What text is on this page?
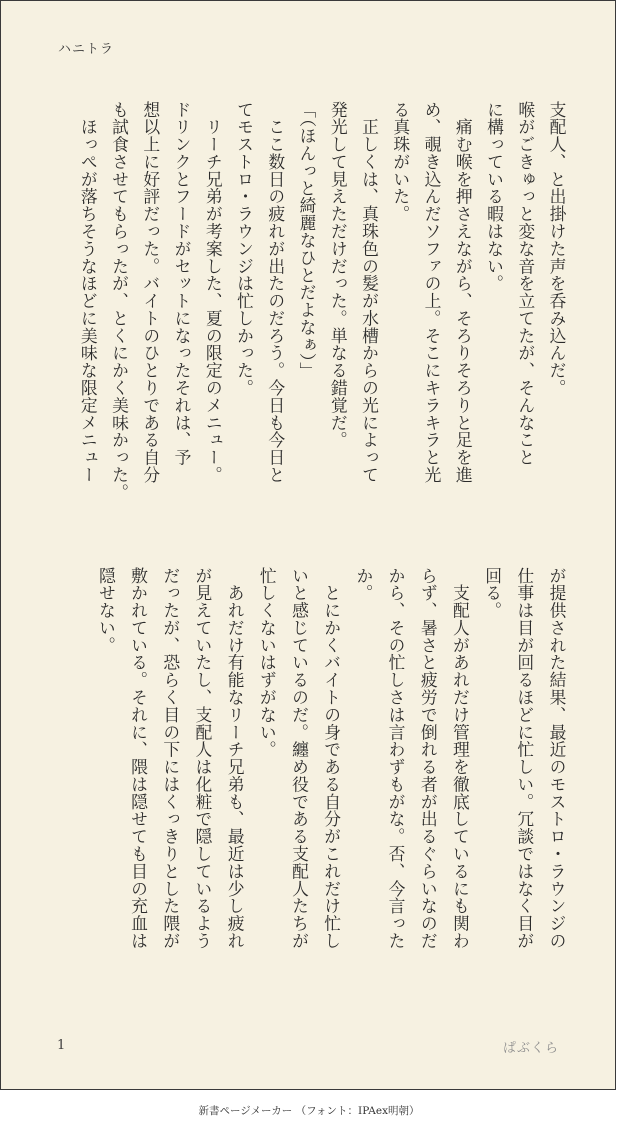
ハニトラ
支配人、と出掛けた声を呑み込んだ。
喉がごきゅっと変な音を立てたが、そんなこと
に構っている暇はない。
　痛む喉を押さえながら、そろりそろりと足を進
め、覗き込んだソファの上。そこにキラキラと光
る真珠がいた。
　正しくは、真珠色の髪が水槽からの光によって
発光して見えただけだった。単なる錯覚だ。
「（ほんっと綺麗なひとだよなぁ）」
　ここ数日の疲れが出たのだろう。今日も今日と
てモストロ・ラウンジは忙しかった。
　リーチ兄弟が考案した、夏の限定のメニュー。
ドリンクとフードがセットになったそれは、予
想以上に好評だった。バイトのひとりである自分
も試食させてもらったが、とくにかく美味かった。
　ほっぺが落ちそうなほどに美味な限定メニュー
が提供された結果、最近のモストロ・ラウンジの
仕事は目が回るほどに忙しい。冗談ではなく目が
回る。
　支配人があれだけ管理を徹底しているにも関わ
らず、暑さと疲労で倒れる者が出るぐらいなのだ
から、その忙しさは言わずもがな。否、今言った
か。
　とにかくバイトの身である自分がこれだけ忙し
いと感じているのだ。纏め役である支配人たちが
忙しくないはずがない。
　あれだけ有能なリーチ兄弟も、最近は少し疲れ
が見えていたし、支配人は化粧で隠しているよう
だったが、恐らく目の下にはくっきりとした隈が
敷かれている。それに、隈は隠せても目の充血は
隠せない。
1	ぱぶくら
新書ページメーカー （フォント：IPAex明朝）
